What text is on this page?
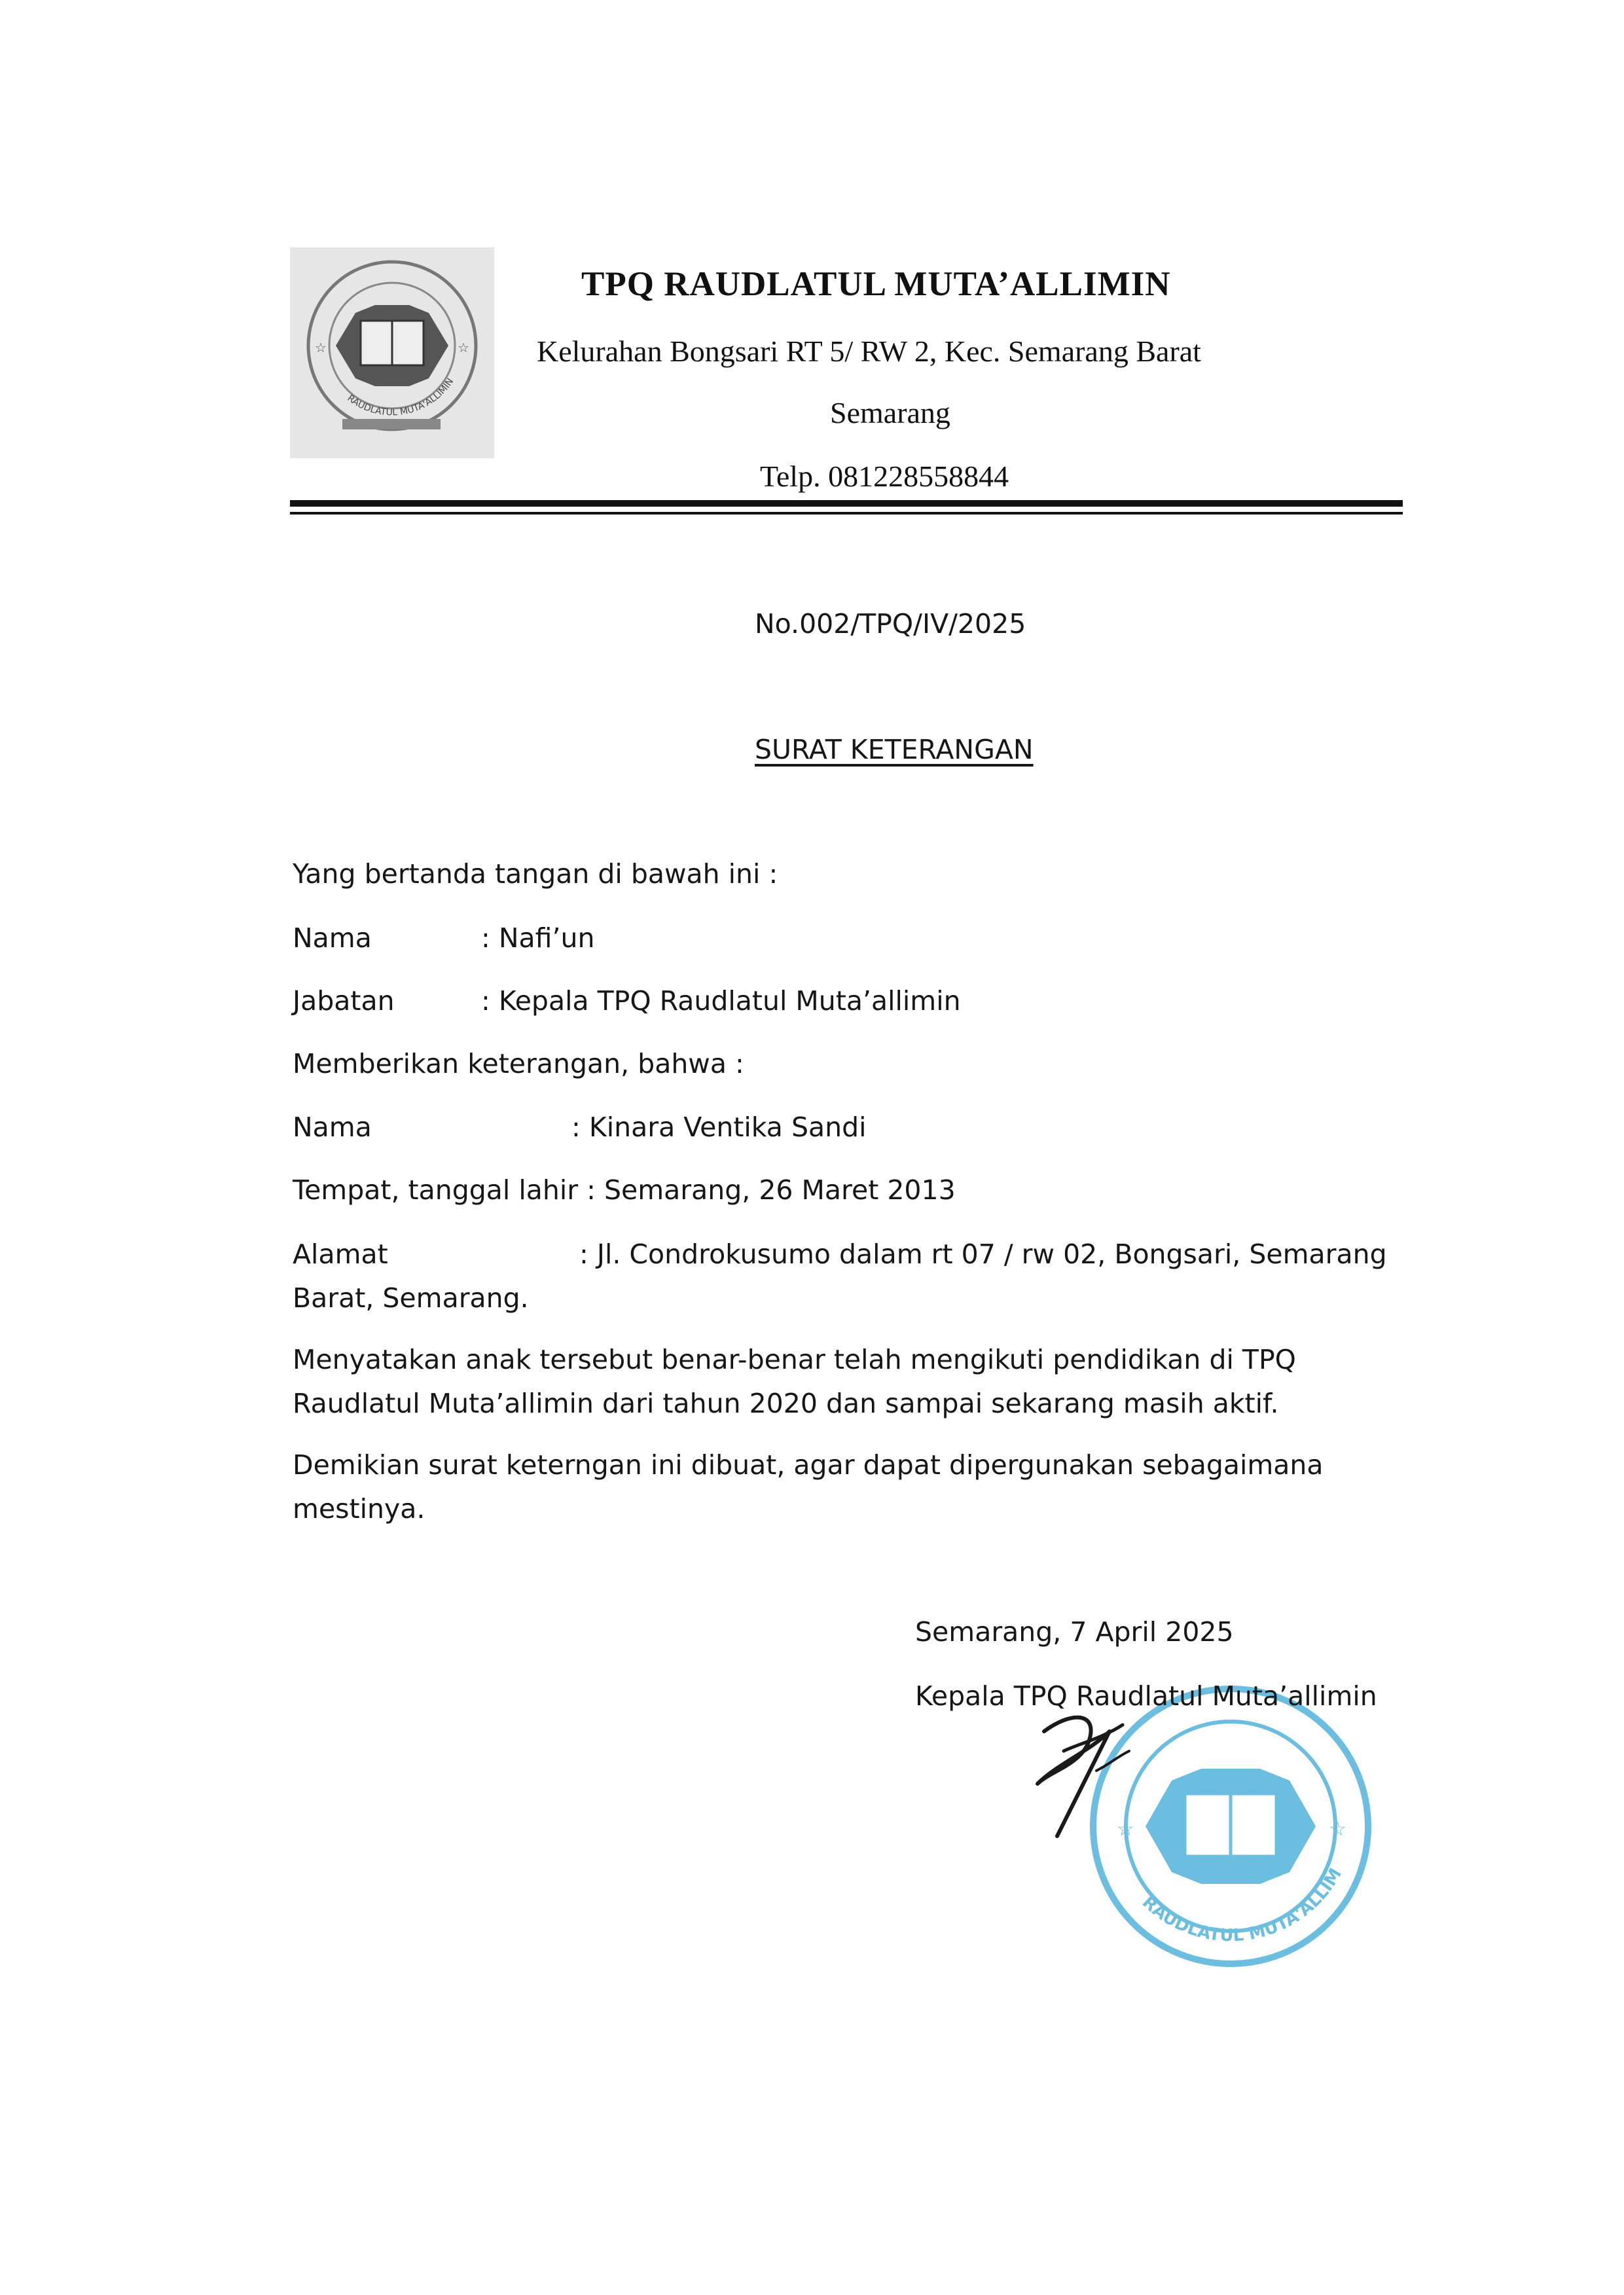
☆	☆
RAUDLATUL MUTA'ALLIMIN
TPQ RAUDLATUL MUTA’ALLIMIN
Kelurahan Bongsari RT 5/ RW 2, Kec. Semarang Barat
Semarang
Telp. 081228558844
No.002/TPQ/IV/2025
SURAT KETERANGAN
Yang bertanda tangan di bawah ini :
Nama	: Nafi’un
Jabatan	: Kepala TPQ Raudlatul Muta’allimin
Memberikan keterangan, bahwa :
Nama	: Kinara Ventika Sandi
Tempat, tanggal lahir : Semarang, 26 Maret 2013
Alamat	: Jl. Condrokusumo dalam rt 07 / rw 02, Bongsari, Semarang
Barat, Semarang.
Menyatakan anak tersebut benar-benar telah mengikuti pendidikan di TPQ
Raudlatul Muta’allimin dari tahun 2020 dan sampai sekarang masih aktif.
Demikian surat keterngan ini dibuat, agar dapat dipergunakan sebagaimana
mestinya.
Semarang, 7 April 2025
☆	☆
RAUDLATUL MUTA'ALLIM
Kepala TPQ Raudlatul Muta’allimin
